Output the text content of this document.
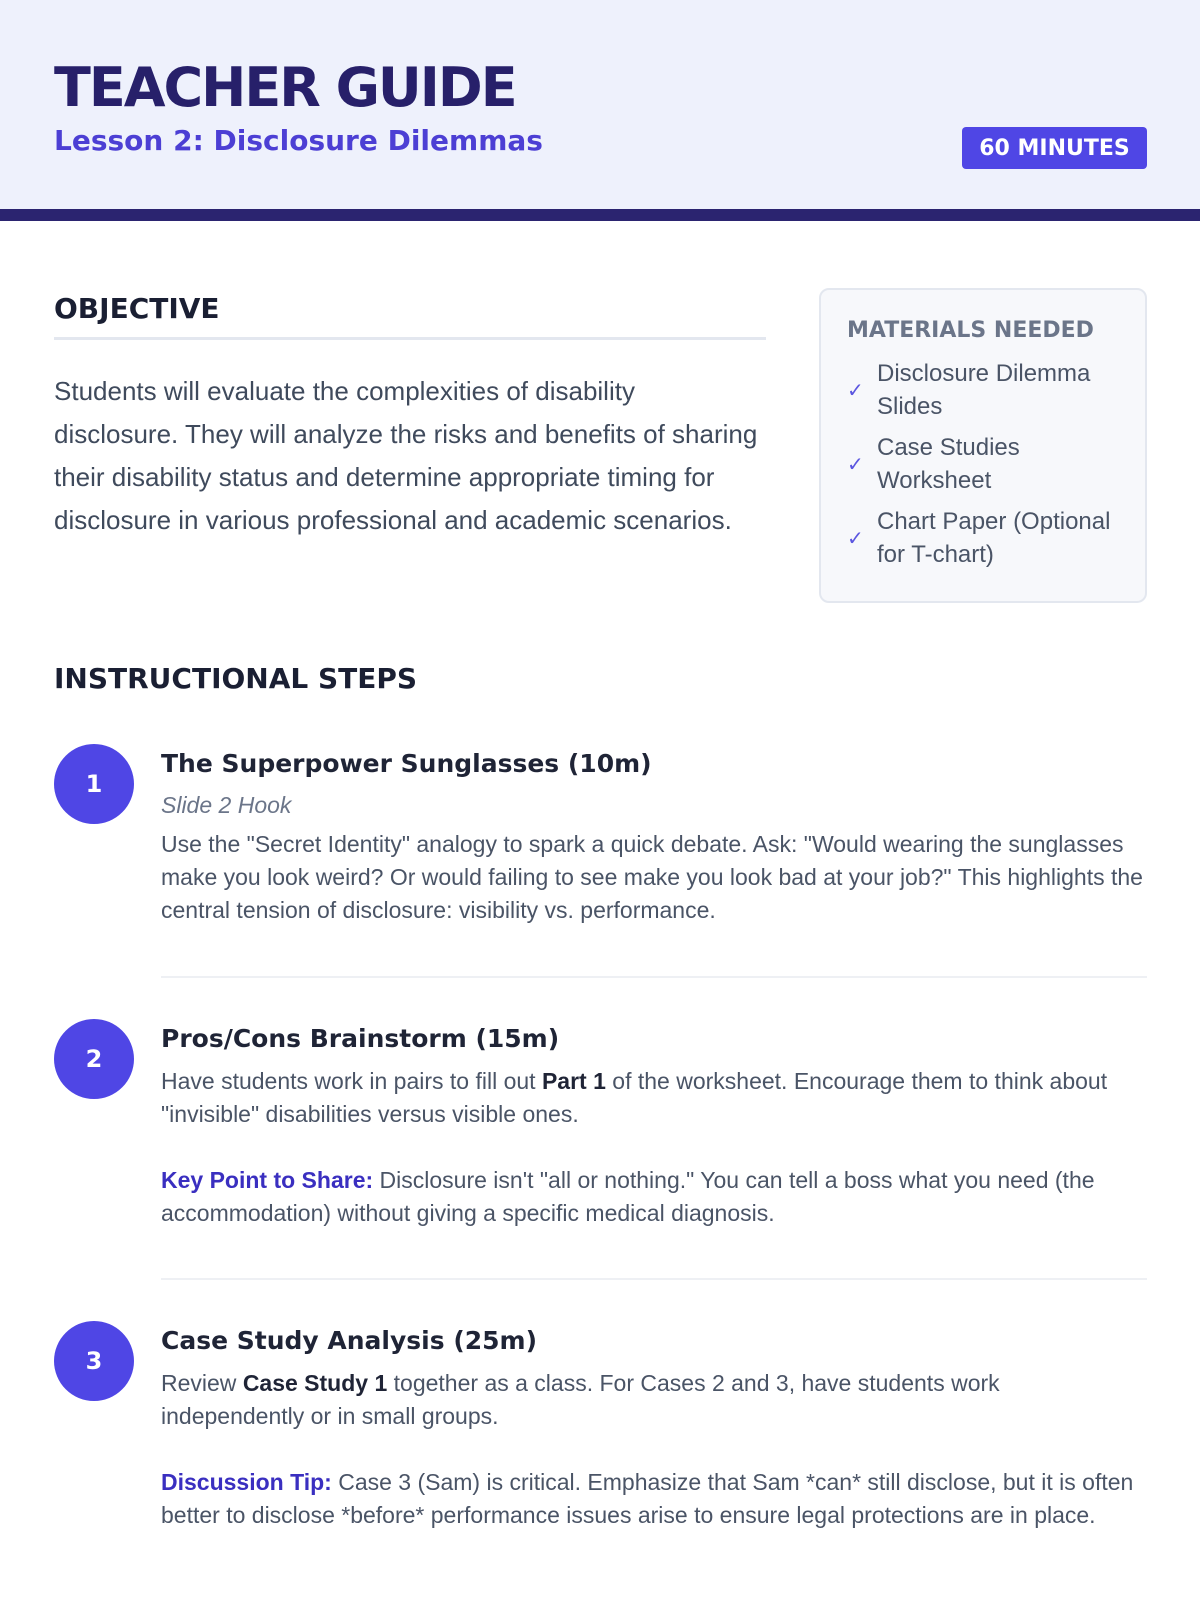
TEACHER GUIDE
Lesson 2: Disclosure Dilemmas	60 MINUTES
OBJECTIVE
Students will evaluate the complexities of disability disclosure. They will analyze the risks and benefits of sharing their disability status and determine appropriate timing for disclosure in various professional and academic scenarios.
MATERIALS NEEDED
✓
Disclosure Dilemma Slides
✓
Case Studies Worksheet
✓
Chart Paper (Optional for T-chart)
INSTRUCTIONAL STEPS
1
The Superpower Sunglasses (10m)
Slide 2 Hook

Use the "Secret Identity" analogy to spark a quick debate. Ask: "Would wearing the sunglasses make you look weird? Or would failing to see make you look bad at your job?" This highlights the central tension of disclosure: visibility vs. performance.

2
Pros/Cons Brainstorm (15m)

Have students work in pairs to fill out Part 1 of the worksheet. Encourage them to think about "invisible" disabilities versus visible ones.

Key Point to Share: Disclosure isn't "all or nothing." You can tell a boss what you need (the accommodation) without giving a specific medical diagnosis.

3
Case Study Analysis (25m)

Review Case Study 1 together as a class. For Cases 2 and 3, have students work independently or in small groups.

Discussion Tip: Case 3 (Sam) is critical. Emphasize that Sam *can* still disclose, but it is often better to disclose *before* performance issues arise to ensure legal protections are in place.
